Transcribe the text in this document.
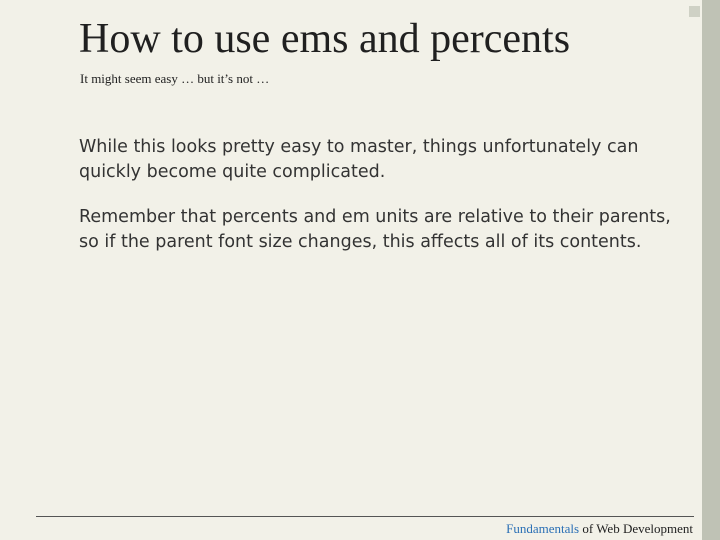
How to use ems and percents
It might seem easy … but it’s not …

While this looks pretty easy to master, things unfortunately can quickly become quite complicated.

Remember that percents and em units are relative to their parents, so if the parent font size changes, this affects all of its contents.

Fundamentals of Web Development
